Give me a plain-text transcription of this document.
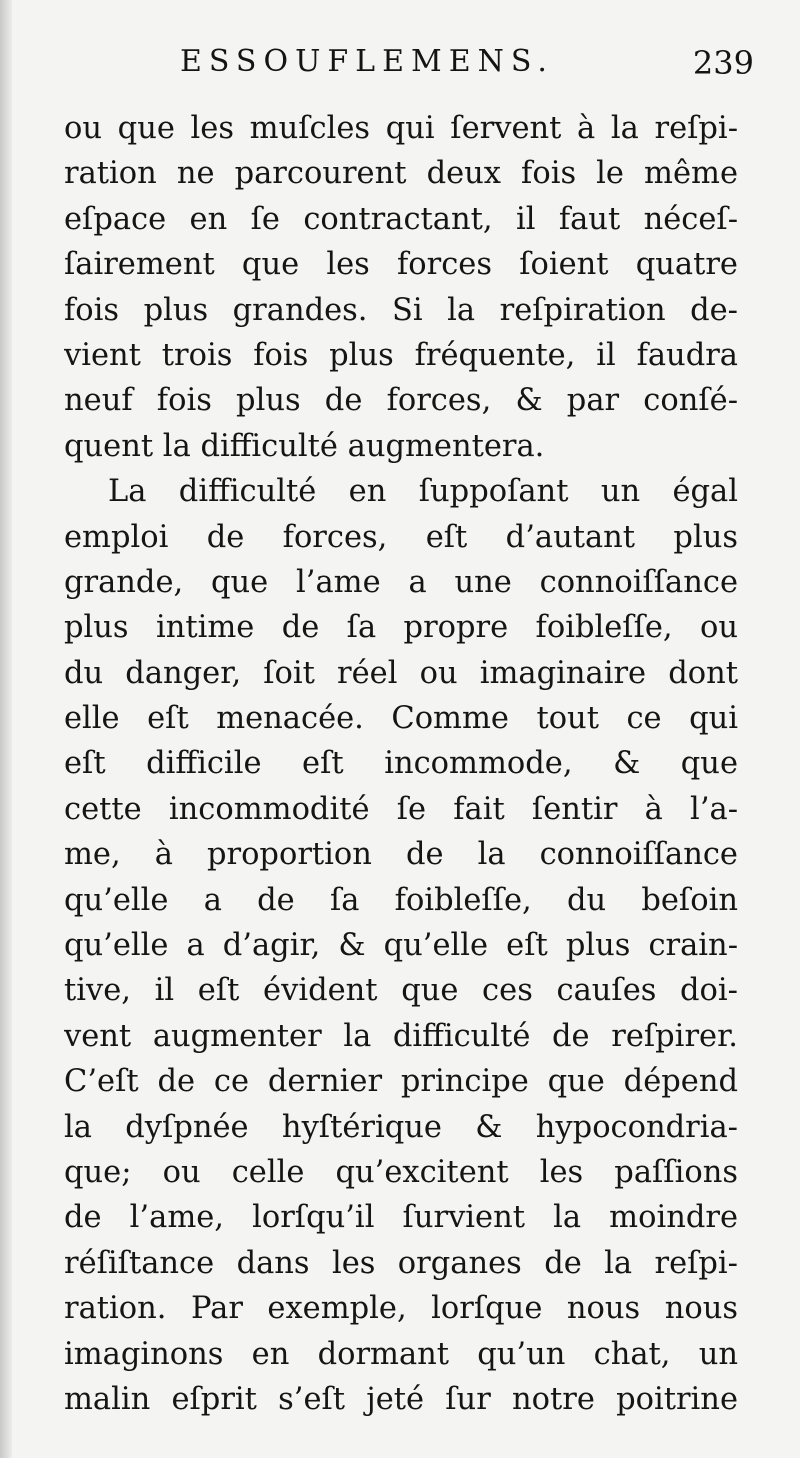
ESSOUFLEMENS.	239
ou que les muſcles qui ſervent à la reſpi-
ration ne parcourent deux fois le même
eſpace en ſe contractant, il faut néceſ-
ſairement que les forces ſoient quatre
fois plus grandes. Si la reſpiration de-
vient trois fois plus fréquente, il faudra
neuf fois plus de forces, & par conſé-
quent la difficulté augmentera.
La difficulté en ſuppoſant un égal
emploi de forces, eſt d’autant plus
grande, que l’ame a une connoiſſance
plus intime de ſa propre foibleſſe, ou
du danger, ſoit réel ou imaginaire dont
elle eſt menacée. Comme tout ce qui
eſt difficile eſt incommode, & que
cette incommodité ſe fait ſentir à l’a-
me, à proportion de la connoiſſance
qu’elle a de ſa foibleſſe, du beſoin
qu’elle a d’agir, & qu’elle eſt plus crain-
tive, il eſt évident que ces cauſes doi-
vent augmenter la difficulté de reſpirer.
C’eſt de ce dernier principe que dépend
la dyſpnée hyſtérique & hypocondria-
que; ou celle qu’excitent les paſſions
de l’ame, lorſqu’il ſurvient la moindre
réſiſtance dans les organes de la reſpi-
ration. Par exemple, lorſque nous nous
imaginons en dormant qu’un chat, un
malin eſprit s’eſt jeté ſur notre poitrine
